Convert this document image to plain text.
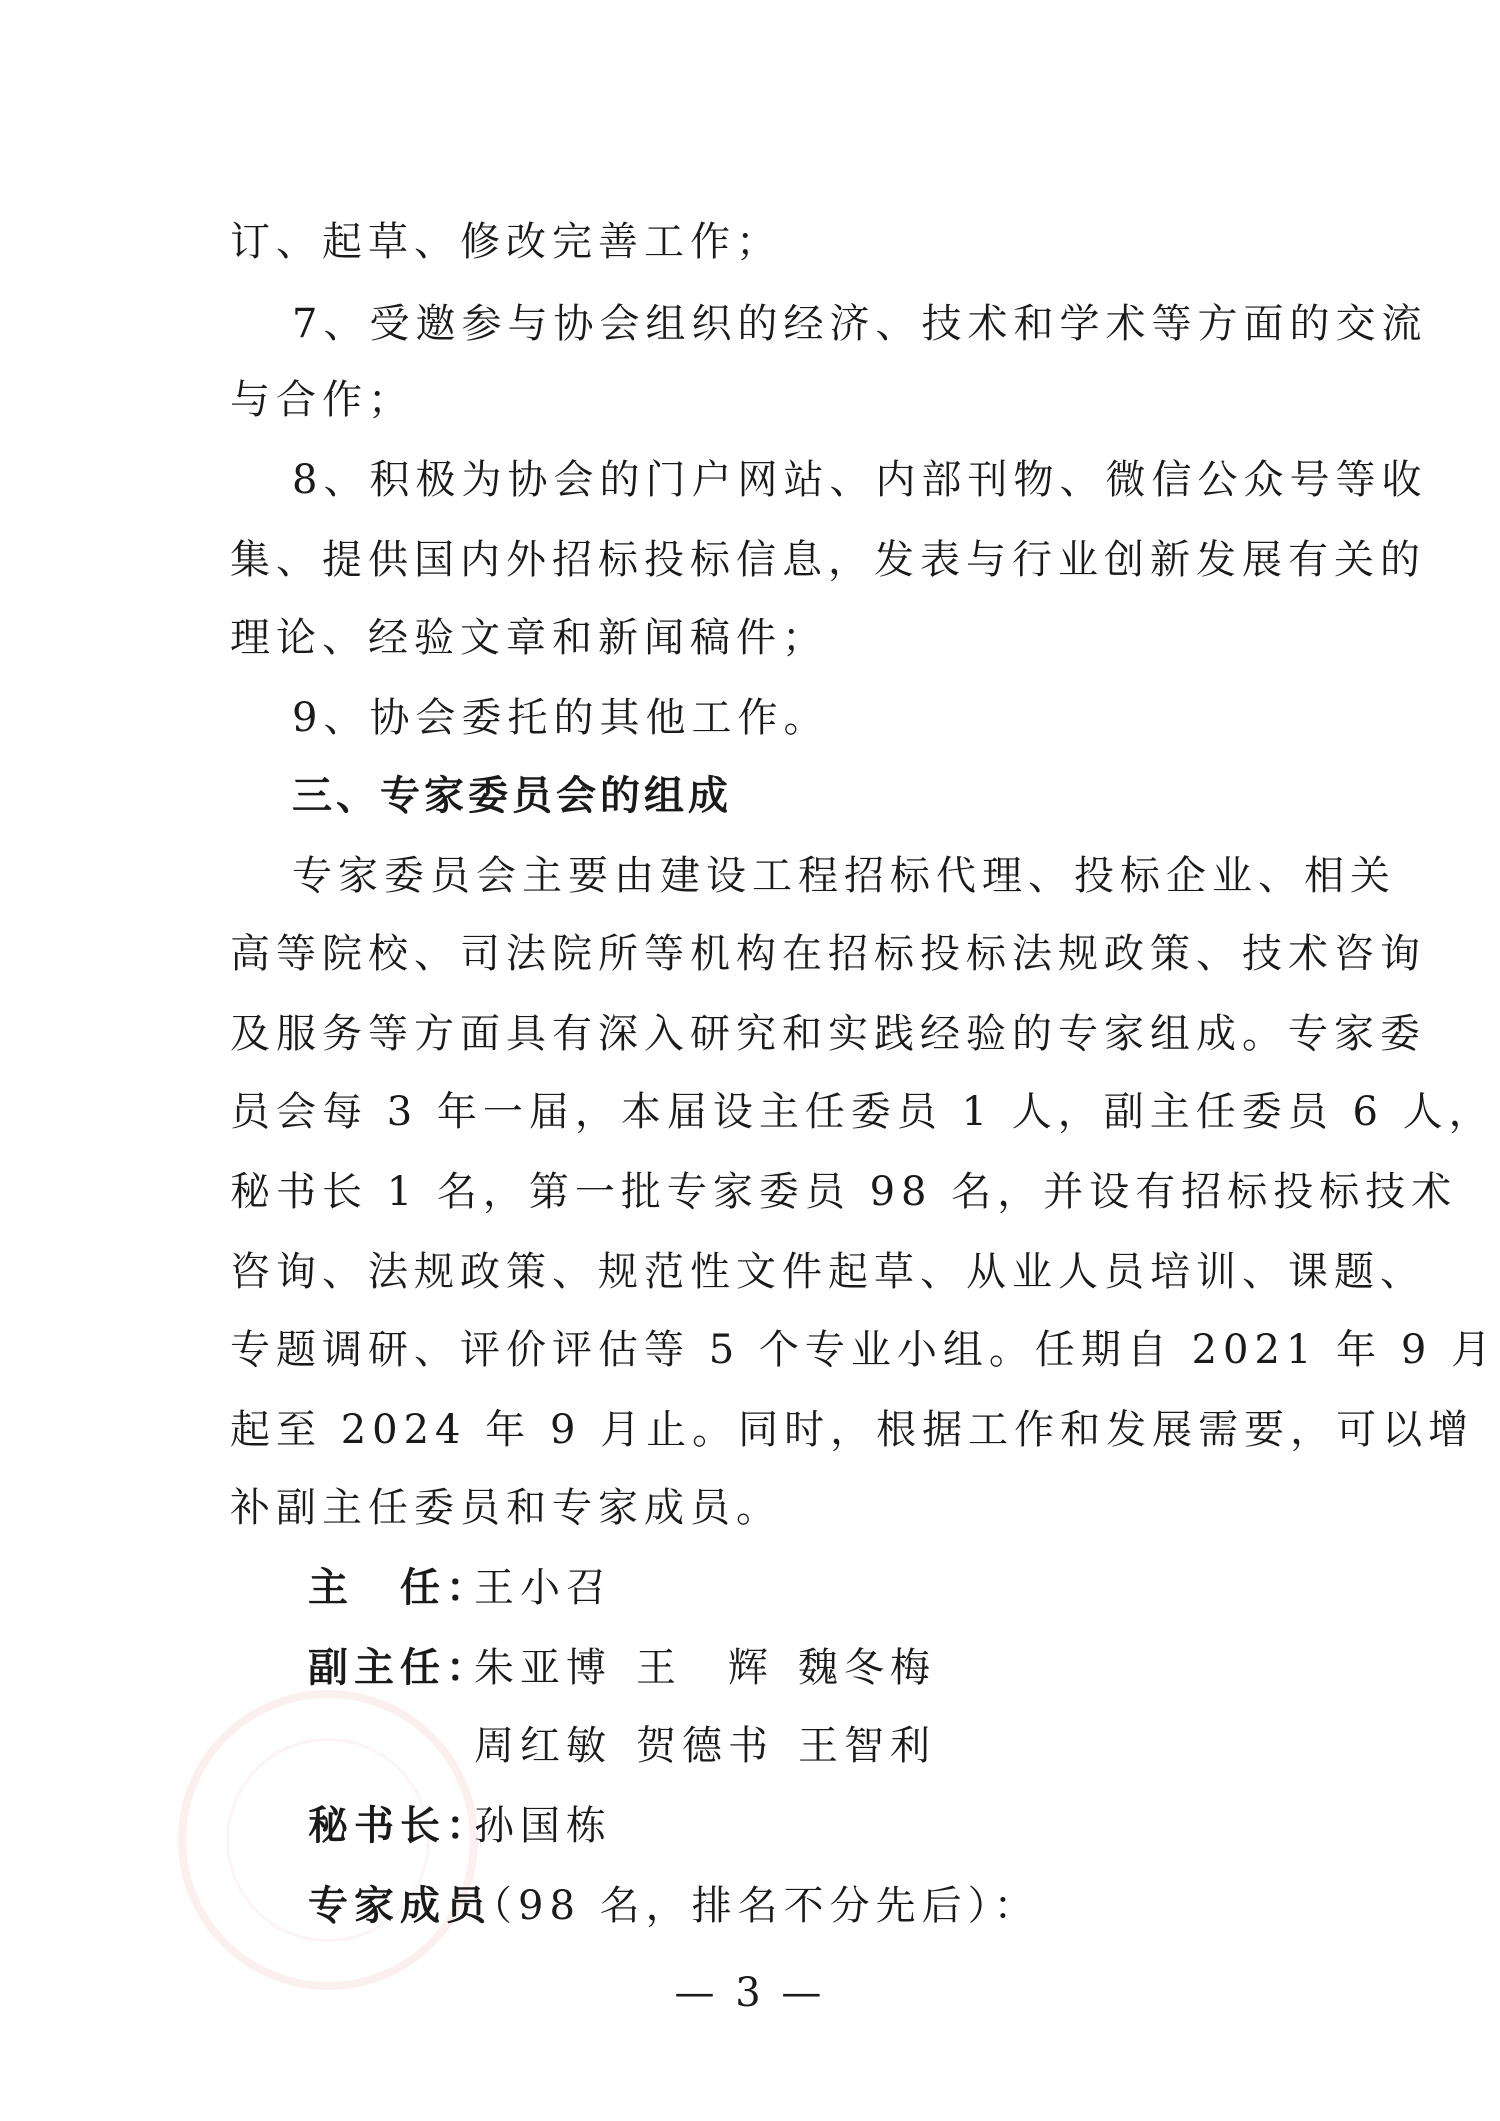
订、起草、修改完善工作；
7、受邀参与协会组织的经济、技术和学术等方面的交流
与合作；
8、积极为协会的门户网站、内部刊物、微信公众号等收
集、提供国内外招标投标信息，发表与行业创新发展有关的
理论、经验文章和新闻稿件；
9、协会委托的其他工作。
三、专家委员会的组成
专家委员会主要由建设工程招标代理、投标企业、相关
高等院校、司法院所等机构在招标投标法规政策、技术咨询
及服务等方面具有深入研究和实践经验的专家组成。专家委
员会每 3 年一届，本届设主任委员 1 人，副主任委员 6 人，
秘书长 1 名，第一批专家委员 98 名，并设有招标投标技术
咨询、法规政策、规范性文件起草、从业人员培训、课题、
专题调研、评价评估等 5 个专业小组。任期自 2021 年 9 月
起至 2024 年 9 月止。同时，根据工作和发展需要，可以增
补副主任委员和专家成员。
主　任：
王小召
副主任：
朱亚博 王　辉 魏冬梅
周红敏 贺德书 王智利
秘书长：
孙国栋
专家成员
（98 名，排名不分先后）：
— 3 —
